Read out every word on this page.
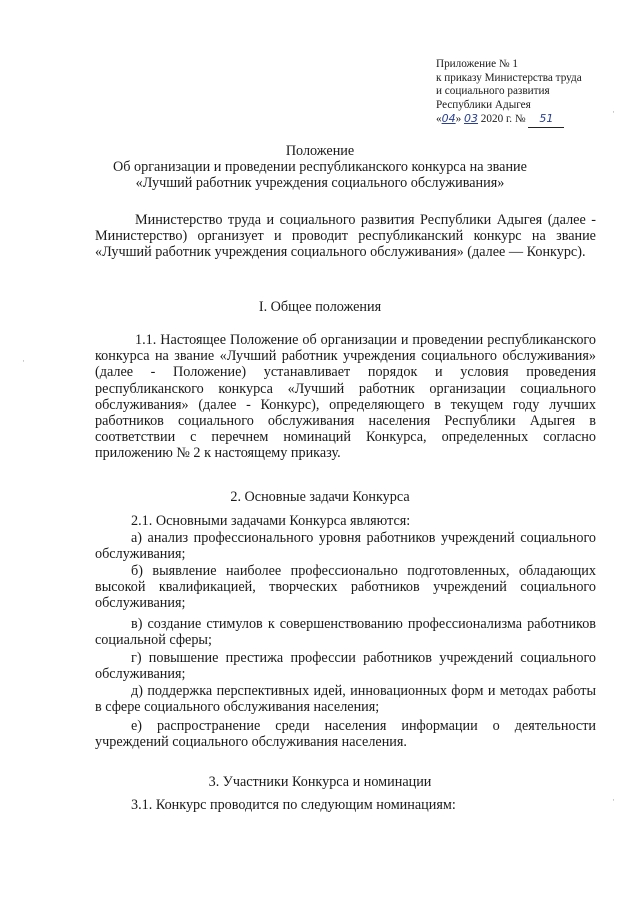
·
·
·
Приложение № 1
к приказу Министерства труда
и социального развития
Республики Адыгея
«04» 03 2020 г. № 51
Положение
Об организации и проведении республиканского конкурса на звание
«Лучший работник учреждения социального обслуживания»

Министерство труда и социального развития Республики Адыгея (далее - Министерство) организует и проводит республиканский конкурс на звание «Лучший работник учреждения социального обслуживания» (далее — Конкурс).

I. Общее положения

1.1. Настоящее Положение об организации и проведении республиканского конкурса на звание «Лучший работник учреждения социального обслуживания» (далее - Положение) устанавливает порядок и условия проведения республиканского конкурса «Лучший работник организации социального обслуживания» (далее - Конкурс), определяющего в текущем году лучших работников социального обслуживания населения Республики Адыгея в соответствии с перечнем номинаций Конкурса, определенных согласно приложению № 2 к настоящему приказу.

2. Основные задачи Конкурса

2.1. Основными задачами Конкурса являются:

а) анализ профессионального уровня работников учреждений социального обслуживания;

б) выявление наиболее профессионально подготовленных, обладающих высокой квалификацией, творческих работников учреждений социального обслуживания;

в) создание стимулов к совершенствованию профессионализма работников социальной сферы;

г) повышение престижа профессии работников учреждений социального обслуживания;

д) поддержка перспективных идей, инновационных форм и методах работы в сфере социального обслуживания населения;

е) распространение среди населения информации о деятельности учреждений социального обслуживания населения.

3. Участники Конкурса и номинации

3.1. Конкурс проводится по следующим номинациям:
